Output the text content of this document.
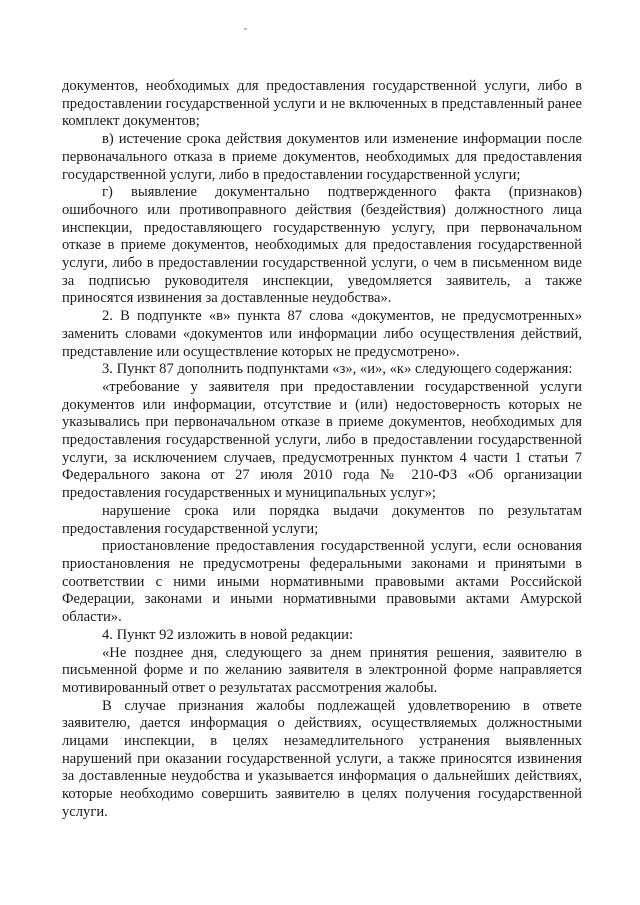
документов, необходимых для предоставления государственной услуги, либо в предоставлении государственной услуги и не включенных в представленный ранее комплект документов;

в) истечение срока действия документов или изменение информации после первоначального отказа в приеме документов, необходимых для предоставления государственной услуги, либо в предоставлении государственной услуги;

г) выявление документально подтвержденного факта (признаков) ошибочного или противоправного действия (бездействия) должностного лица инспекции, предоставляющего государственную услугу, при первоначальном отказе в приеме документов, необходимых для предоставления государственной услуги, либо в предоставлении государственной услуги, о чем в письменном виде за подписью руководителя инспекции, уведомляется заявитель, а также приносятся извинения за доставленные неудобства».

2. В подпункте «в» пункта 87 слова «документов, не предусмотренных» заменить словами «документов или информации либо осуществления действий, представление или осуществление которых не предусмотрено».

3. Пункт 87 дополнить подпунктами «з», «и», «к» следующего содержания:

«требование у заявителя при предоставлении государственной услуги документов или информации, отсутствие и (или) недостоверность которых не указывались при первоначальном отказе в приеме документов, необходимых для предоставления государственной услуги, либо в предоставлении государственной услуги, за исключением случаев, предусмотренных пунктом 4 части 1 статьи 7 Федерального закона от 27 июля 2010 года № 210-ФЗ «Об организации предоставления государственных и муниципальных услуг»;

нарушение срока или порядка выдачи документов по результатам предоставления государственной услуги;

приостановление предоставления государственной услуги, если основания приостановления не предусмотрены федеральными законами и принятыми в соответствии с ними иными нормативными правовыми актами Российской Федерации, законами и иными нормативными правовыми актами Амурской области».

4. Пункт 92 изложить в новой редакции:

«Не позднее дня, следующего за днем принятия решения, заявителю в письменной форме и по желанию заявителя в электронной форме направляется мотивированный ответ о результатах рассмотрения жалобы.

В случае признания жалобы подлежащей удовлетворению в ответе заявителю, дается информация о действиях, осуществляемых должностными лицами инспекции, в целях незамедлительного устранения выявленных нарушений при оказании государственной услуги, а также приносятся извинения за доставленные неудобства и указывается информация о дальнейших действиях, которые необходимо совершить заявителю в целях получения государственной услуги.
